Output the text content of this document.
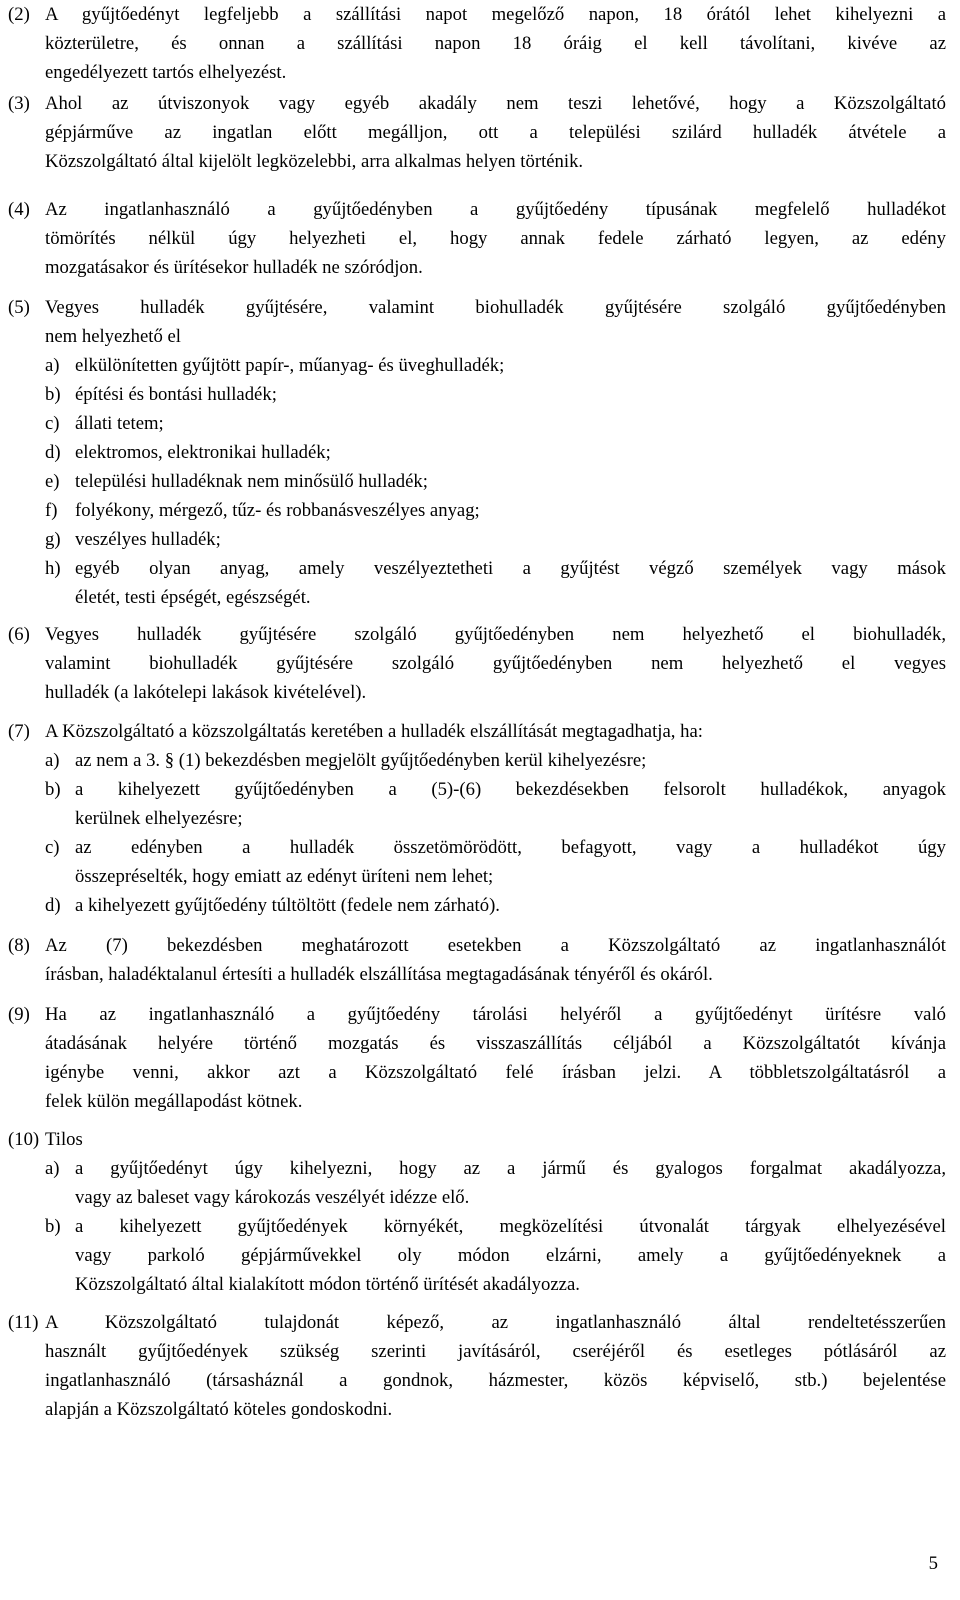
(2) A gyűjtőedényt legfeljebb a szállítási napot megelőző napon, 18 órától lehet kihelyezni a
közterületre, és onnan a szállítási napon 18 óráig el kell távolítani, kivéve az
engedélyezett tartós elhelyezést.
(3) Ahol az útviszonyok vagy egyéb akadály nem teszi lehetővé, hogy a Közszolgáltató
gépjárműve az ingatlan előtt megálljon, ott a települési szilárd hulladék átvétele a
Közszolgáltató által kijelölt legközelebbi, arra alkalmas helyen történik.
(4) Az ingatlanhasználó a gyűjtőedényben a gyűjtőedény típusának megfelelő hulladékot
tömörítés nélkül úgy helyezheti el, hogy annak fedele zárható legyen, az edény
mozgatásakor és ürítésekor hulladék ne szóródjon.
(5) Vegyes hulladék gyűjtésére, valamint biohulladék gyűjtésére szolgáló gyűjtőedényben
nem helyezhető el
a) elkülönítetten gyűjtött papír-, műanyag- és üveghulladék;
b) építési és bontási hulladék;
c) állati tetem;
d) elektromos, elektronikai hulladék;
e) települési hulladéknak nem minősülő hulladék;
f) folyékony, mérgező, tűz- és robbanásveszélyes anyag;
g) veszélyes hulladék;
h) egyéb olyan anyag, amely veszélyeztetheti a gyűjtést végző személyek vagy mások
életét, testi épségét, egészségét.
(6) Vegyes hulladék gyűjtésére szolgáló gyűjtőedényben nem helyezhető el biohulladék,
valamint biohulladék gyűjtésére szolgáló gyűjtőedényben nem helyezhető el vegyes
hulladék (a lakótelepi lakások kivételével).
(7) A Közszolgáltató a közszolgáltatás keretében a hulladék elszállítását megtagadhatja, ha:
a) az nem a 3. § (1) bekezdésben megjelölt gyűjtőedényben kerül kihelyezésre;
b) a kihelyezett gyűjtőedényben a (5)-(6) bekezdésekben felsorolt hulladékok, anyagok
kerülnek elhelyezésre;
c) az edényben a hulladék összetömörödött, befagyott, vagy a hulladékot úgy
összepréselték, hogy emiatt az edényt üríteni nem lehet;
d) a kihelyezett gyűjtőedény túltöltött (fedele nem zárható).
(8) Az (7) bekezdésben meghatározott esetekben a Közszolgáltató az ingatlanhasználót
írásban, haladéktalanul értesíti a hulladék elszállítása megtagadásának tényéről és okáról.
(9) Ha az ingatlanhasználó a gyűjtőedény tárolási helyéről a gyűjtőedényt ürítésre való
átadásának helyére történő mozgatás és visszaszállítás céljából a Közszolgáltatót kívánja
igénybe venni, akkor azt a Közszolgáltató felé írásban jelzi. A többletszolgáltatásról a
felek külön megállapodást kötnek.
(10) Tilos
a) a gyűjtőedényt úgy kihelyezni, hogy az a jármű és gyalogos forgalmat akadályozza,
vagy az baleset vagy károkozás veszélyét idézze elő.
b) a kihelyezett gyűjtőedények környékét, megközelítési útvonalát tárgyak elhelyezésével
vagy parkoló gépjárművekkel oly módon elzárni, amely a gyűjtőedényeknek a
Közszolgáltató által kialakított módon történő ürítését akadályozza.
(11) A Közszolgáltató tulajdonát képező, az ingatlanhasználó által rendeltetésszerűen
használt gyűjtőedények szükség szerinti javításáról, cseréjéről és esetleges pótlásáról az
ingatlanhasználó (társasháznál a gondnok, házmester, közös képviselő, stb.) bejelentése
alapján a Közszolgáltató köteles gondoskodni.
5
